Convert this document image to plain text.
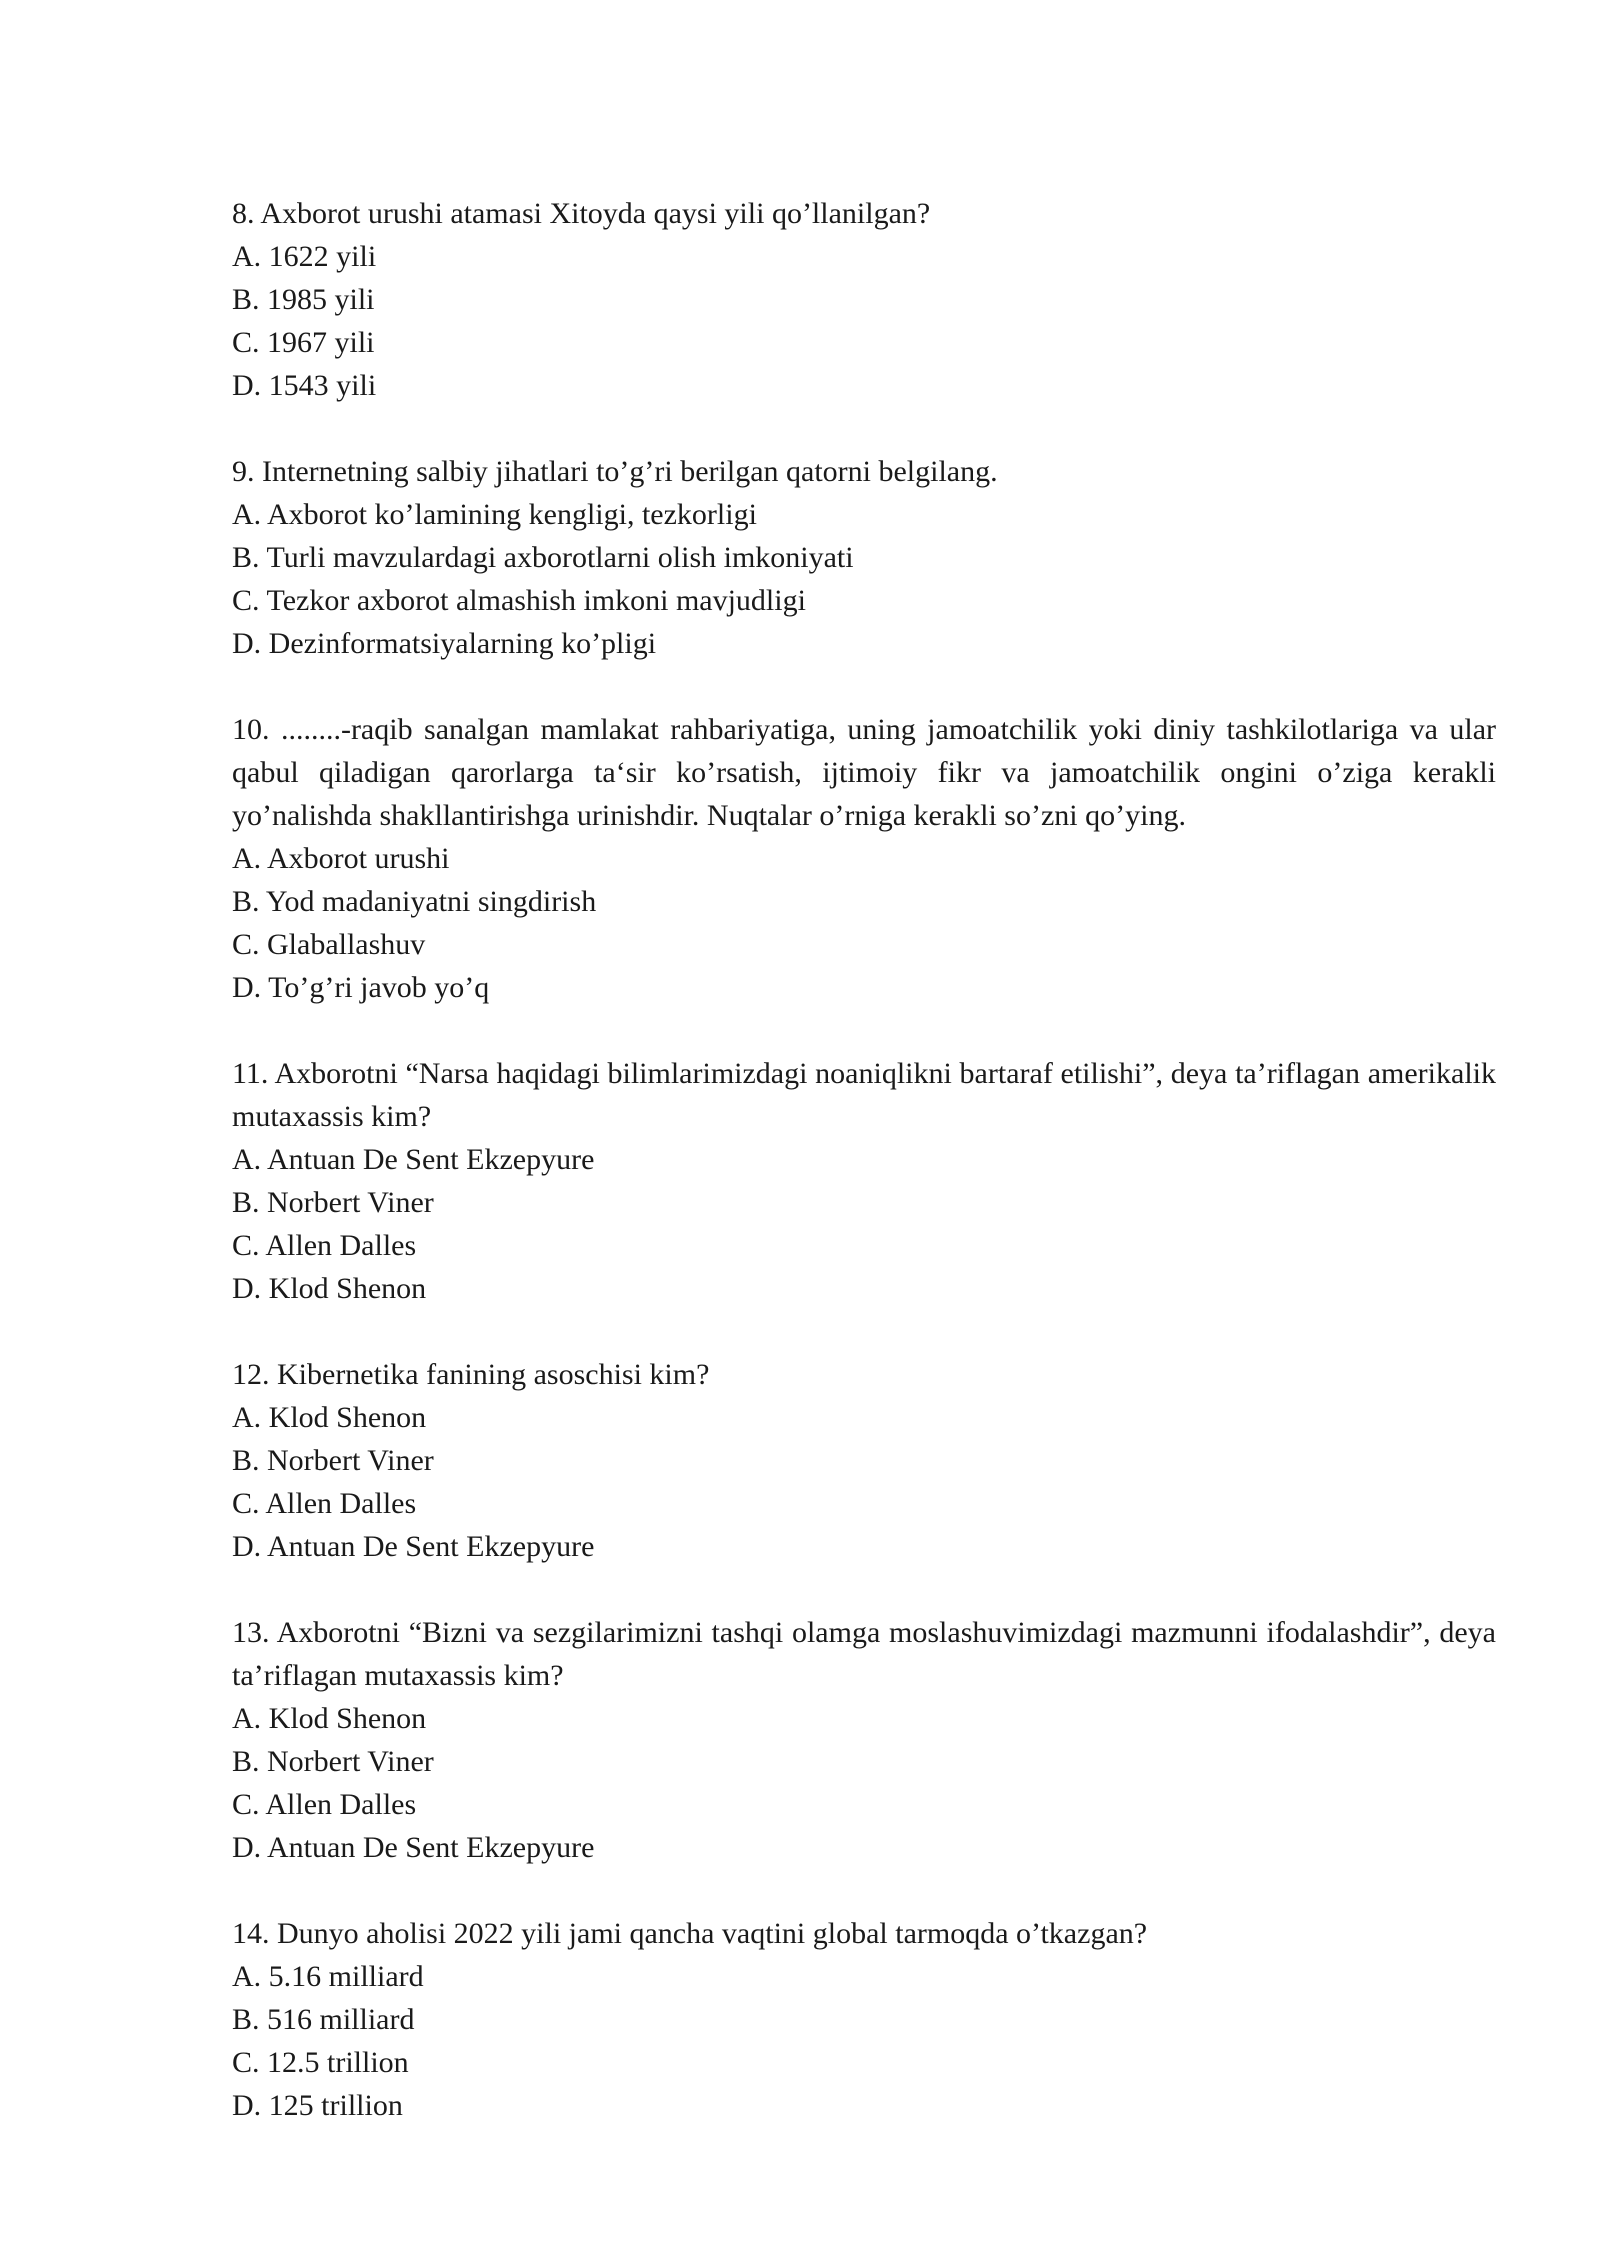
8. Axborot urushi atamasi Xitoyda qaysi yili qo’llanilgan?

A. 1622 yili

B. 1985 yili

C. 1967 yili

D. 1543 yili

9. Internetning salbiy jihatlari to’g’ri berilgan qatorni belgilang.

A. Axborot ko’lamining kengligi, tezkorligi

B. Turli mavzulardagi axborotlarni olish imkoniyati

C. Tezkor axborot almashish imkoni mavjudligi

D. Dezinformatsiyalarning ko’pligi

10. ........-raqib sanalgan mamlakat rahbariyatiga, uning jamoatchilik yoki diniy tashkilotlariga va ular qabul qiladigan qarorlarga ta‘sir ko’rsatish, ijtimoiy fikr va jamoatchilik ongini o’ziga kerakli yo’nalishda shakllantirishga urinishdir. Nuqtalar o’rniga kerakli so’zni qo’ying.

A. Axborot urushi

B. Yod madaniyatni singdirish

C. Glaballashuv

D. To’g’ri javob yo’q

11. Axborotni “Narsa haqidagi bilimlarimizdagi noaniqlikni bartaraf etilishi”, deya ta’riflagan amerikalik mutaxassis kim?

A. Antuan De Sent Ekzepyure

B. Norbert Viner

C. Allen Dalles

D. Klod Shenon

12. Kibernetika fanining asoschisi kim?

A. Klod Shenon

B. Norbert Viner

C. Allen Dalles

D. Antuan De Sent Ekzepyure

13. Axborotni “Bizni va sezgilarimizni tashqi olamga moslashuvimizdagi mazmunni ifodalashdir”, deya ta’riflagan mutaxassis kim?

A. Klod Shenon

B. Norbert Viner

C. Allen Dalles

D. Antuan De Sent Ekzepyure

14. Dunyo aholisi 2022 yili jami qancha vaqtini global tarmoqda o’tkazgan?

A. 5.16 milliard

B. 516 milliard

C. 12.5 trillion

D. 125 trillion
